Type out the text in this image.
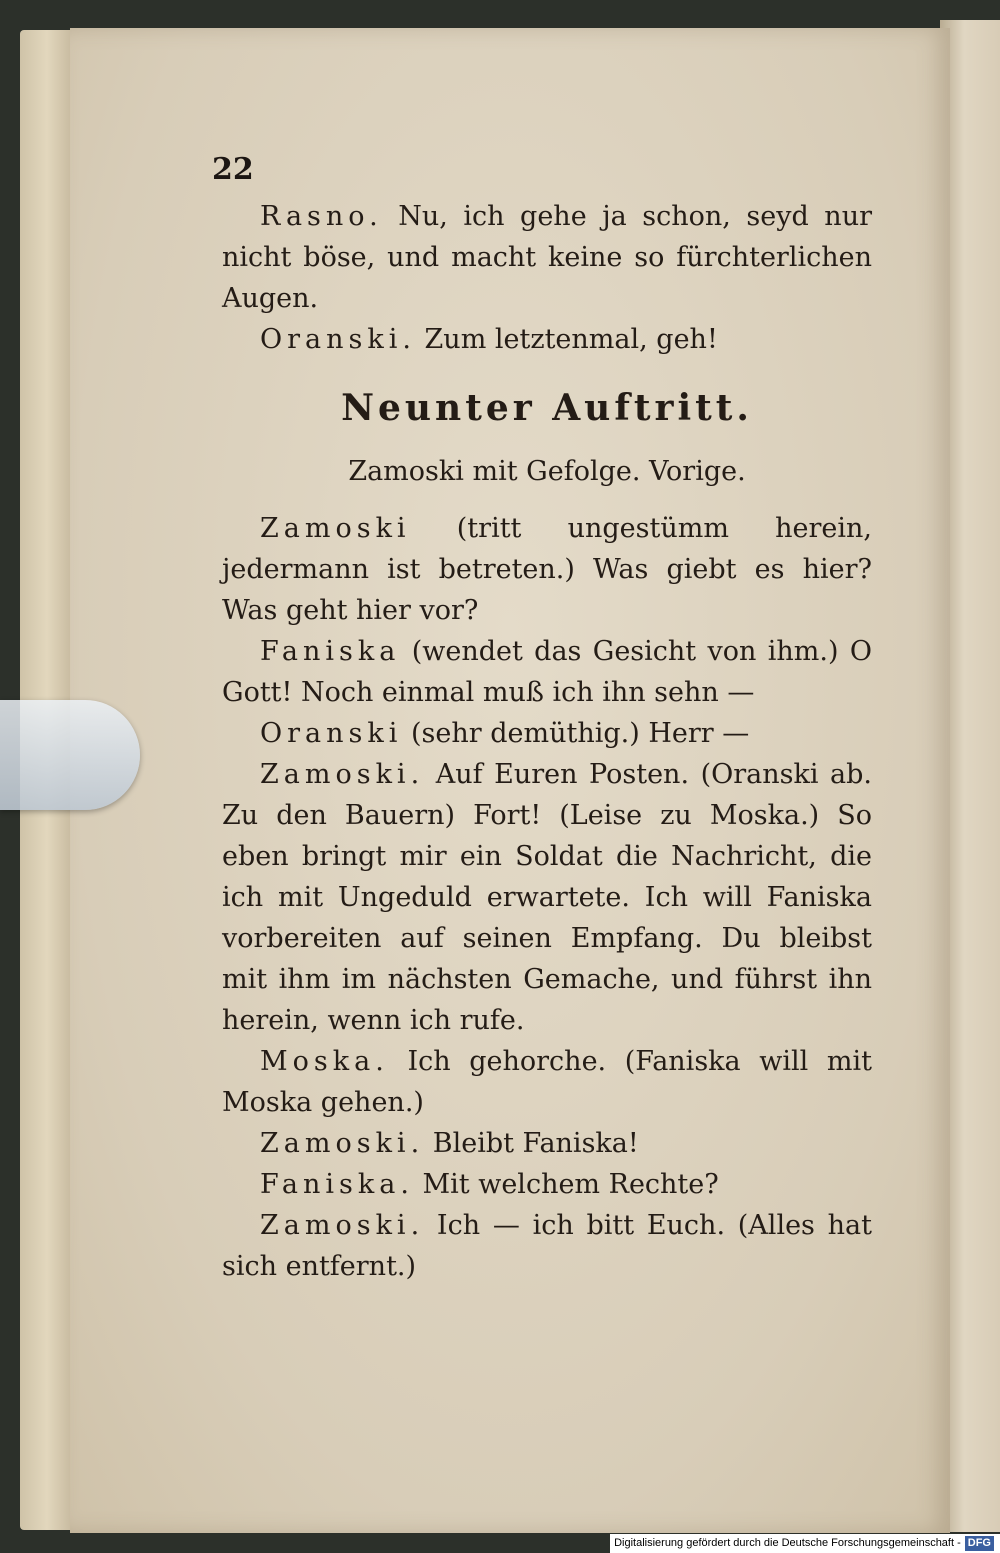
22

Rasno. Nu, ich gehe ja schon, seyd nur nicht böse, und macht keine so fürchterlichen Augen.

Oranski. Zum letztenmal, geh!

Neunter Auftritt.

Zamoski mit Gefolge. Vorige.

Zamoski (tritt ungestümm herein, jedermann ist betreten.) Was giebt es hier? Was geht hier vor?

Faniska (wendet das Gesicht von ihm.) O Gott! Noch einmal muß ich ihn sehn —

Oranski (sehr demüthig.) Herr —

Zamoski. Auf Euren Posten. (Oranski ab. Zu den Bauern) Fort! (Leise zu Moska.) So eben bringt mir ein Soldat die Nachricht, die ich mit Ungeduld erwartete. Ich will Faniska vorbereiten auf seinen Empfang. Du bleibst mit ihm im nächsten Gemache, und führst ihn herein, wenn ich rufe.

Moska. Ich gehorche. (Faniska will mit Moska gehen.)

Zamoski. Bleibt Faniska!

Faniska. Mit welchem Rechte?

Zamoski. Ich — ich bitt Euch. (Alles hat sich entfernt.)

Digitalisierung gefördert durch die Deutsche Forschungsgemeinschaft - DFG
